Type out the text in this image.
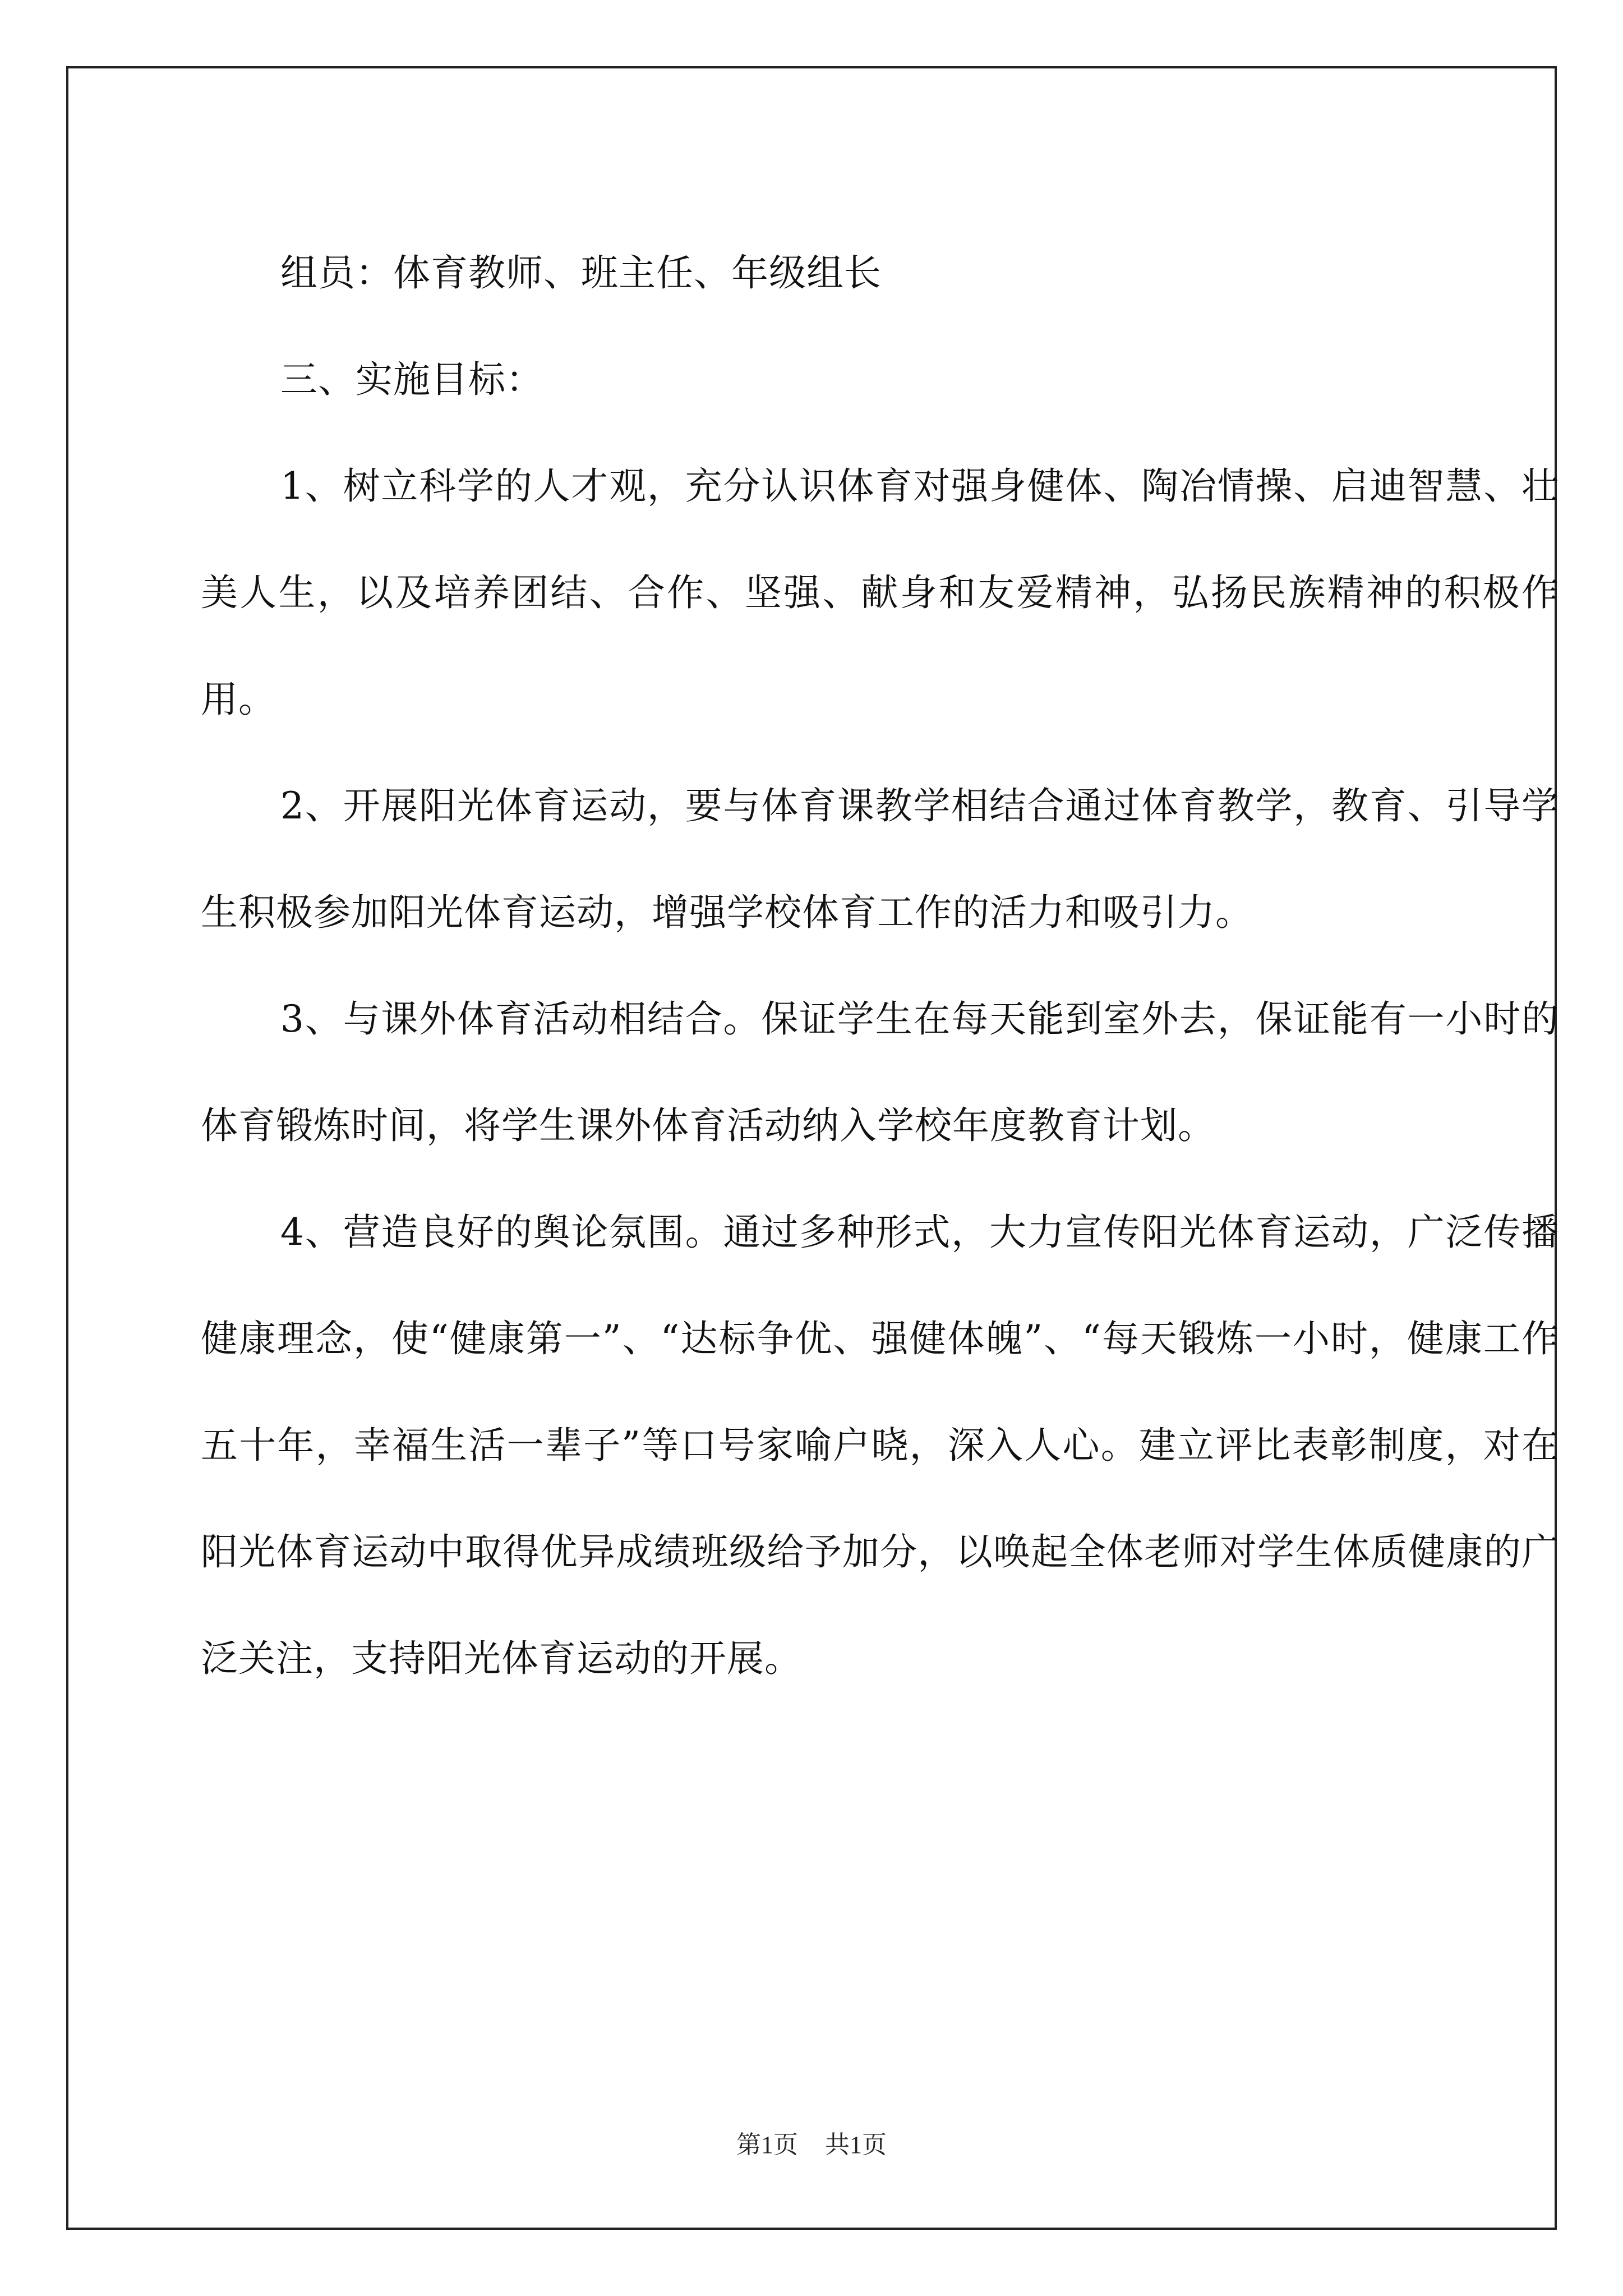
组员：体育教师、班主任、年级组长

三、实施目标：

1、树立科学的人才观，充分认识体育对强身健体、陶冶情操、启迪智慧、壮美人生，以及培养团结、合作、坚强、献身和友爱精神，弘扬民族精神的积极作用。

2、开展阳光体育运动，要与体育课教学相结合通过体育教学，教育、引导学生积极参加阳光体育运动，增强学校体育工作的活力和吸引力。

3、与课外体育活动相结合。保证学生在每天能到室外去，保证能有一小时的体育锻炼时间，将学生课外体育活动纳入学校年度教育计划。

4、营造良好的舆论氛围。通过多种形式，大力宣传阳光体育运动，广泛传播健康理念，使“健康第一”、“达标争优、强健体魄”、“每天锻炼一小时，健康工作五十年，幸福生活一辈子”等口号家喻户晓，深入人心。建立评比表彰制度，对在阳光体育运动中取得优异成绩班级给予加分，以唤起全体老师对学生体质健康的广泛关注，支持阳光体育运动的开展。

第1页 共1页
